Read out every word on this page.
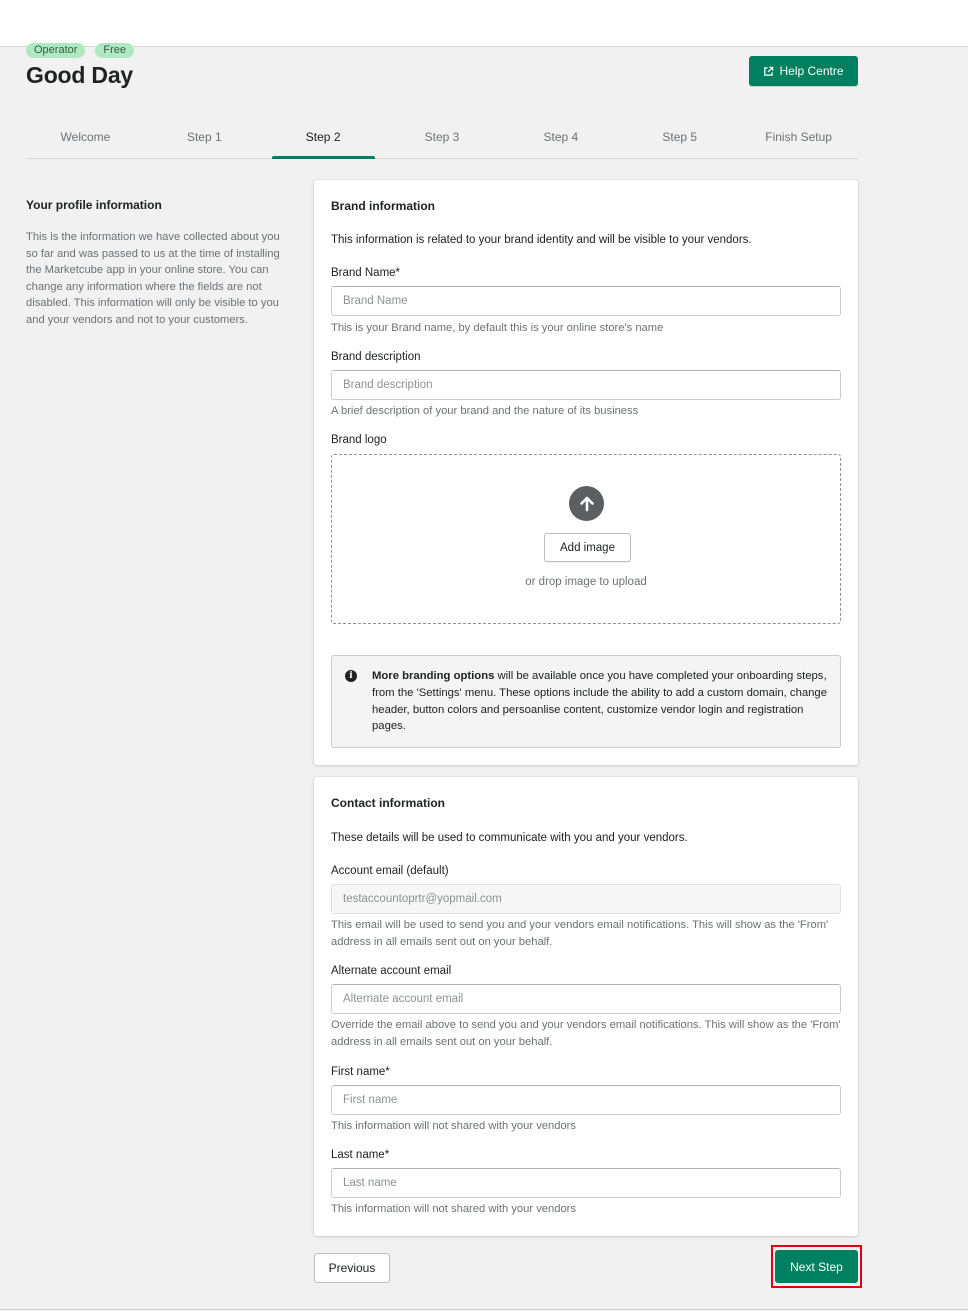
Operator	Free
Good Day	Help Centre
Welcome	Step 1	Step 2	Step 3	Step 4	Step 5	Finish Setup
Your profile information

This is the information we have collected about you so far and was passed to us at the time of installing the Marketcube app in your online store. You can change any information where the fields are not disabled. This information will only be visible to you and your vendors and not to your customers.

Brand information
This information is related to your brand identity and will be visible to your vendors.
Brand Name*
Brand Name
This is your Brand name, by default this is your online store's name
Brand description
Brand description
A brief description of your brand and the nature of its business
Brand logo
Add image
or drop image to upload
i	More branding options will be available once you have completed your onboarding steps, from the 'Settings' menu. These options include the ability to add a custom domain, change header, button colors and persoanlise content, customize vendor login and registration pages.
Contact information
These details will be used to communicate with you and your vendors.
Account email (default)
testaccountoprtr@yopmail.com
This email will be used to send you and your vendors email notifications. This will show as the 'From' address in all emails sent out on your behalf.
Alternate account email
Alternate account email
Override the email above to send you and your vendors email notifications. This will show as the 'From' address in all emails sent out on your behalf.
First name*
First name
This information will not shared with your vendors
Last name*
Last name
This information will not shared with your vendors
Previous	Next Step
